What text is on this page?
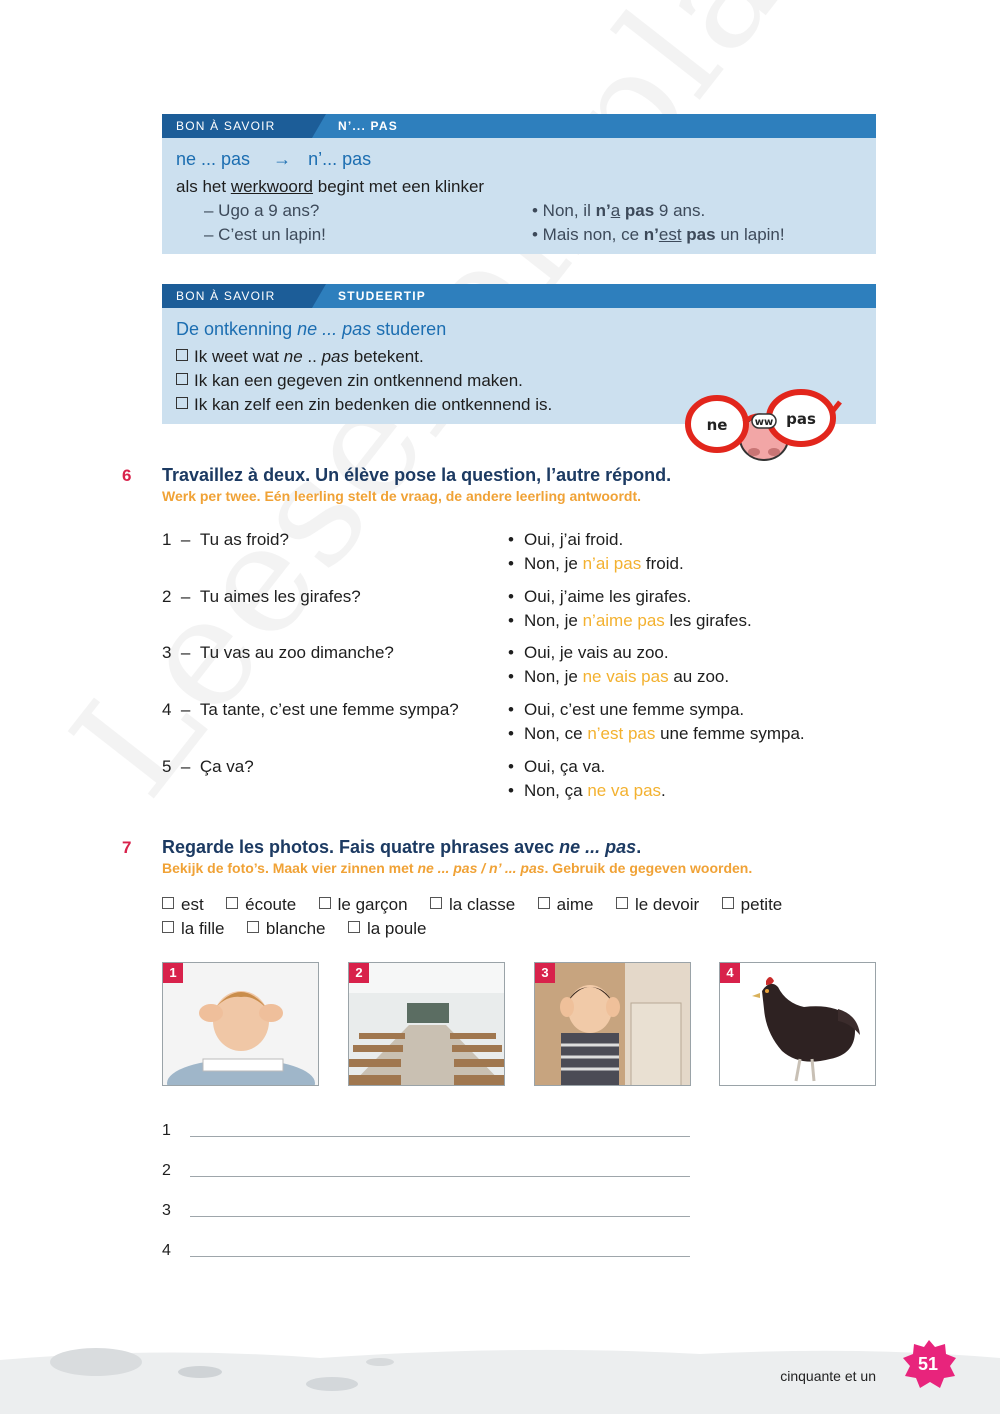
BON À SAVOIR	N’... PAS
ne ... pas → n’... pas
als het werkwoord begint met een klinker
– Ugo a 9 ans?	• Non, il n’a pas 9 ans.
– C’est un lapin!	• Mais non, ce n’est pas un lapin!
BON À SAVOIR	STUDEERTIP
De ontkenning ne ... pas studeren
Ik weet wat ne .. pas betekent.
Ik kan een gegeven zin ontkennend maken.
Ik kan zelf een zin bedenken die ontkennend is.
ne	ww pas
6 Travaillez à deux. Un élève pose la question, l’autre répond.
Werk per twee. Eén leerling stelt de vraag, de andere leerling antwoordt.
1  –  Tu as froid?	• Oui, j’ai froid.
• Non, je n’ai pas froid.
2  –  Tu aimes les girafes?	• Oui, j’aime les girafes.
• Non, je n’aime pas les girafes.
3  –  Tu vas au zoo dimanche?	• Oui, je vais au zoo.
• Non, je ne vais pas au zoo.
4  –  Ta tante, c’est une femme sympa?	• Oui, c’est une femme sympa.
• Non, ce n’est pas une femme sympa.
5  –  Ça va?	• Oui, ça va.
• Non, ça ne va pas.
7 Regarde les photos. Fais quatre phrases avec ne ... pas.
Bekijk de foto’s. Maak vier zinnen met ne ... pas / n’ ... pas. Gebruik de gegeven woorden.
est écoute le garçon la classe aime le devoir petite
la fille blanche la poule
1	2	3	4
1
2
3
4
cinquante et un
51
